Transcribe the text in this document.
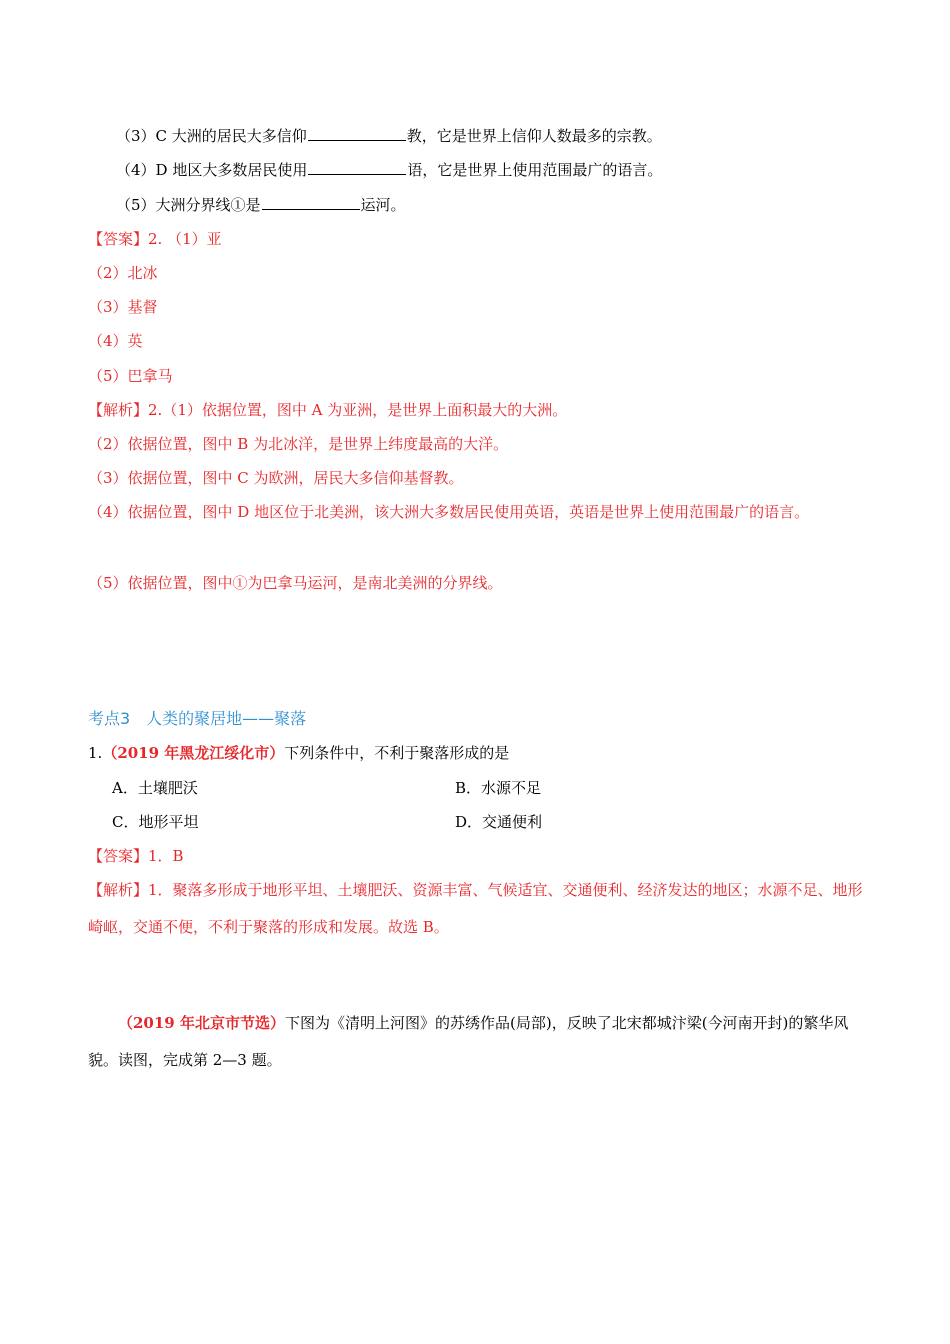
（3）C 大洲的居民大多信仰	教，它是世界上信仰人数最多的宗教。
（4）D 地区大多数居民使用	语，它是世界上使用范围最广的语言。
（5）大洲分界线①是	运河。
【答案】2. （1）亚
（2）北冰
（3）基督
（4）英
（5）巴拿马
【解析】2.（1）依据位置，图中 A 为亚洲，是世界上面积最大的大洲。
（2）依据位置，图中 B 为北冰洋，是世界上纬度最高的大洋。
（3）依据位置，图中 C 为欧洲，居民大多信仰基督教。
（4）依据位置，图中 D 地区位于北美洲，该大洲大多数居民使用英语，英语是世界上使用范围最广的语言。
（5）依据位置，图中①为巴拿马运河，是南北美洲的分界线。
考点3　人类的聚居地——聚落
1.（2019 年黑龙江绥化市）下列条件中，不利于聚落形成的是
A．土壤肥沃	B．水源不足
C．地形平坦	D．交通便利
【答案】1．B
【解析】1．聚落多形成于地形平坦、土壤肥沃、资源丰富、气候适宜、交通便利、经济发达的地区；水源不足、地形崎岖，交通不便，不利于聚落的形成和发展。故选 B。
（2019 年北京市节选）下图为《清明上河图》的苏绣作品(局部)，反映了北宋都城汴梁(今河南开封)的繁华风貌。读图，完成第 2—3 题。
